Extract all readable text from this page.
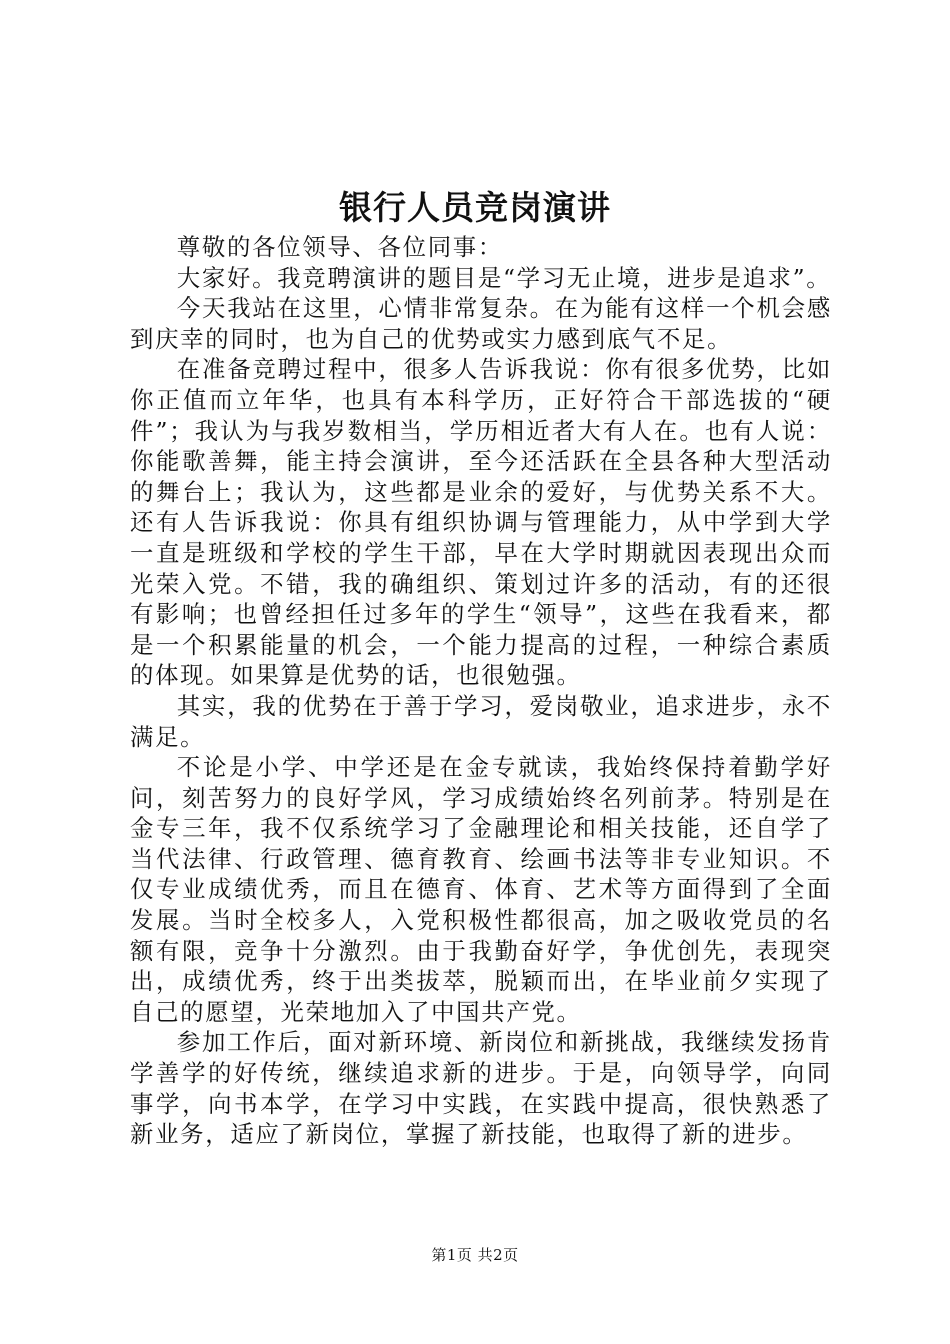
银行人员竞岗演讲

尊敬的各位领导、各位同事：

大家好。我竞聘演讲的题目是“学习无止境，进步是追求”。

今天我站在这里，心情非常复杂。在为能有这样一个机会感到庆幸的同时，也为自己的优势或实力感到底气不足。

在准备竞聘过程中，很多人告诉我说：你有很多优势，比如你正值而立年华，也具有本科学历，正好符合干部选拔的“硬件”；我认为与我岁数相当，学历相近者大有人在。也有人说：你能歌善舞，能主持会演讲，至今还活跃在全县各种大型活动的舞台上；我认为，这些都是业余的爱好，与优势关系不大。还有人告诉我说：你具有组织协调与管理能力，从中学到大学一直是班级和学校的学生干部，早在大学时期就因表现出众而光荣入党。不错，我的确组织、策划过许多的活动，有的还很有影响；也曾经担任过多年的学生“领导”，这些在我看来，都是一个积累能量的机会，一个能力提高的过程，一种综合素质的体现。如果算是优势的话，也很勉强。

其实，我的优势在于善于学习，爱岗敬业，追求进步，永不满足。

不论是小学、中学还是在金专就读，我始终保持着勤学好问，刻苦努力的良好学风，学习成绩始终名列前茅。特别是在金专三年，我不仅系统学习了金融理论和相关技能，还自学了当代法律、行政管理、德育教育、绘画书法等非专业知识。不仅专业成绩优秀，而且在德育、体育、艺术等方面得到了全面发展。当时全校多人，入党积极性都很高，加之吸收党员的名额有限，竞争十分激烈。由于我勤奋好学，争优创先，表现突出，成绩优秀，终于出类拔萃，脱颖而出，在毕业前夕实现了自己的愿望，光荣地加入了中国共产党。

参加工作后，面对新环境、新岗位和新挑战，我继续发扬肯学善学的好传统，继续追求新的进步。于是，向领导学，向同事学，向书本学，在学习中实践，在实践中提高，很快熟悉了新业务，适应了新岗位，掌握了新技能，也取得了新的进步。

第1页 共2页
